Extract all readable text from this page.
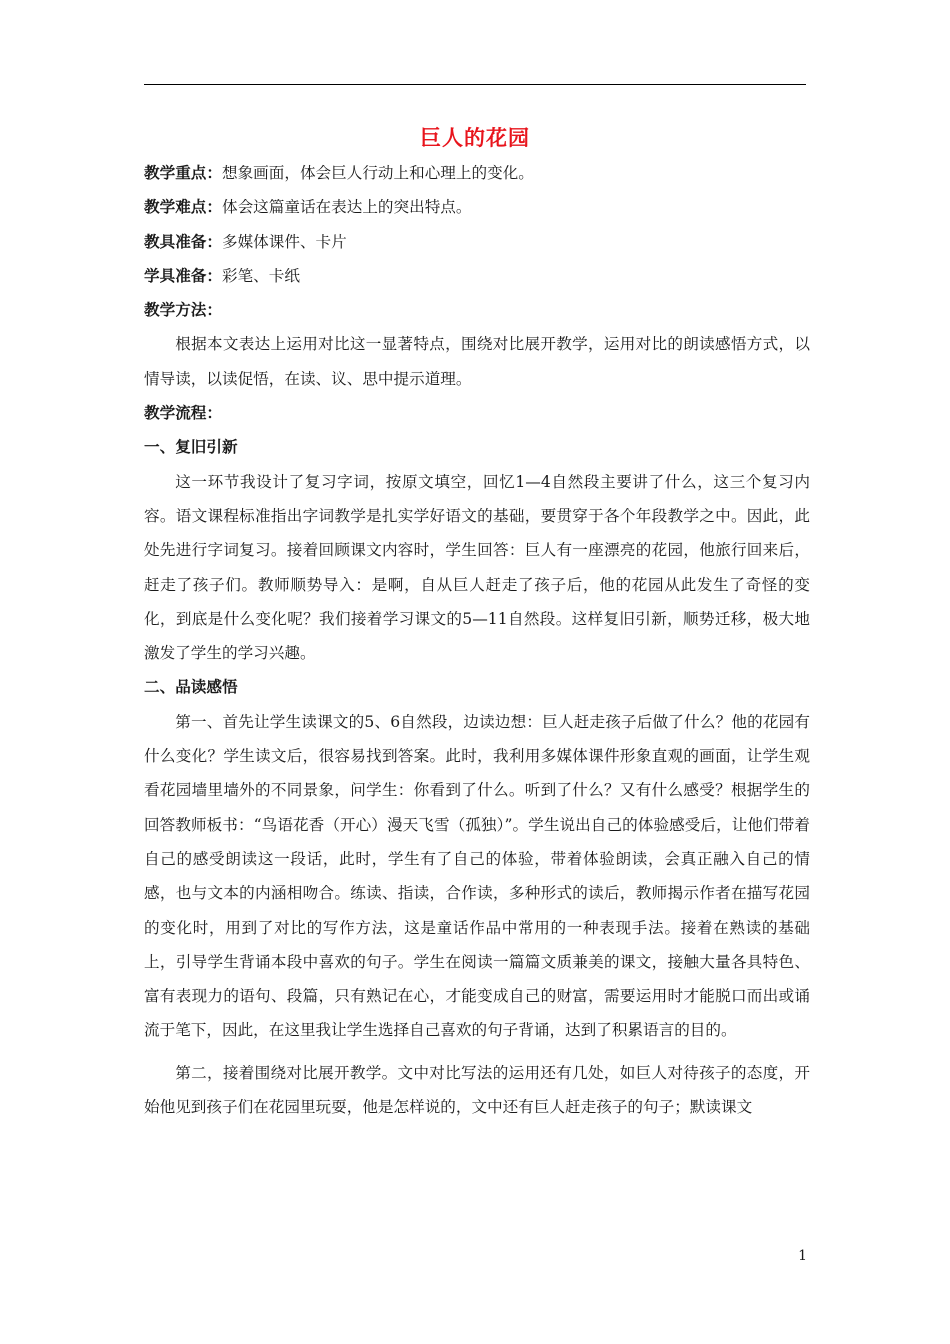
巨人的花园

教学重点：想象画面，体会巨人行动上和心理上的变化。

教学难点：体会这篇童话在表达上的突出特点。

教具准备：多媒体课件、卡片

学具准备：彩笔、卡纸

教学方法：

根据本文表达上运用对比这一显著特点，围绕对比展开教学，运用对比的朗读感悟方式，以情导读，以读促悟，在读、议、思中提示道理。

教学流程：

一、复旧引新

这一环节我设计了复习字词，按原文填空，回忆1—4自然段主要讲了什么，这三个复习内容。语文课程标准指出字词教学是扎实学好语文的基础，要贯穿于各个年段教学之中。因此，此处先进行字词复习。接着回顾课文内容时，学生回答：巨人有一座漂亮的花园，他旅行回来后，赶走了孩子们。教师顺势导入：是啊，自从巨人赶走了孩子后，他的花园从此发生了奇怪的变化，到底是什么变化呢？我们接着学习课文的5—11自然段。这样复旧引新，顺势迁移，极大地激发了学生的学习兴趣。

二、品读感悟

第一、首先让学生读课文的5、6自然段，边读边想：巨人赶走孩子后做了什么？他的花园有什么变化？学生读文后，很容易找到答案。此时，我利用多媒体课件形象直观的画面，让学生观看花园墙里墙外的不同景象，问学生：你看到了什么。听到了什么？又有什么感受？根据学生的回答教师板书：“鸟语花香（开心）漫天飞雪（孤独）”。学生说出自己的体验感受后，让他们带着自己的感受朗读这一段话，此时，学生有了自己的体验，带着体验朗读，会真正融入自己的情感，也与文本的内涵相吻合。练读、指读，合作读，多种形式的读后，教师揭示作者在描写花园的变化时，用到了对比的写作方法，这是童话作品中常用的一种表现手法。接着在熟读的基础上，引导学生背诵本段中喜欢的句子。学生在阅读一篇篇文质兼美的课文，接触大量各具特色、富有表现力的语句、段篇，只有熟记在心，才能变成自己的财富，需要运用时才能脱口而出或诵流于笔下，因此，在这里我让学生选择自己喜欢的句子背诵，达到了积累语言的目的。

第二，接着围绕对比展开教学。文中对比写法的运用还有几处，如巨人对待孩子的态度，开始他见到孩子们在花园里玩耍，他是怎样说的，文中还有巨人赶走孩子的句子；默读课文

1
